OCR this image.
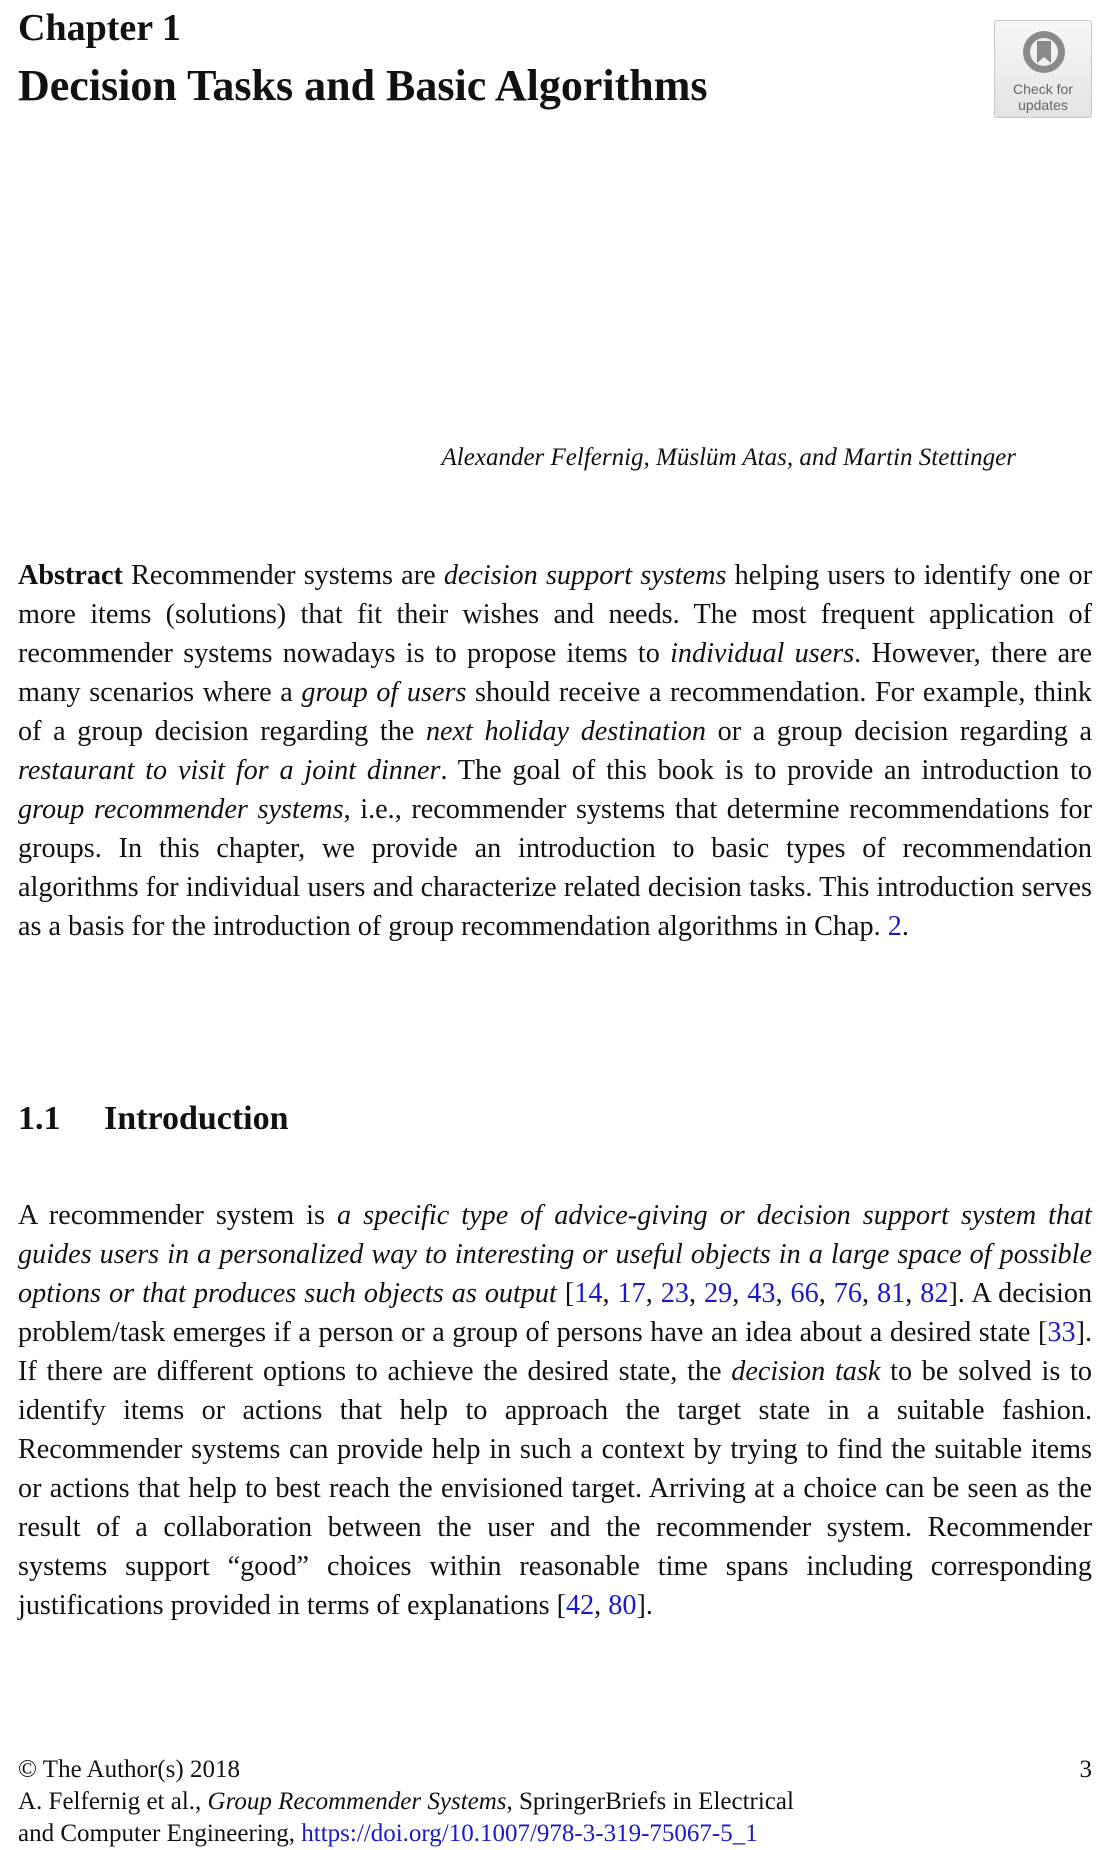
Chapter 1
Decision Tasks and Basic Algorithms	Check for
updates
Alexander Felfernig, Müslüm Atas, and Martin Stettinger

Abstract Recommender systems are decision support systems helping users to identify one or more items (solutions) that fit their wishes and needs. The most frequent application of recommender systems nowadays is to propose items to individual users. However, there are many scenarios where a group of users should receive a recommendation. For example, think of a group decision regarding the next holiday destination or a group decision regarding a restaurant to visit for a joint dinner. The goal of this book is to provide an introduction to group recommender systems, i.e., recommender systems that determine recommendations for groups. In this chapter, we provide an introduction to basic types of recommendation algorithms for individual users and characterize related decision tasks. This introduction serves as a basis for the introduction of group recommendation algorithms in Chap. 2.

1.1 Introduction

A recommender system is a specific type of advice-giving or decision support system that guides users in a personalized way to interesting or useful objects in a large space of possible options or that produces such objects as output [14, 17, 23, 29, 43, 66, 76, 81, 82]. A decision problem/task emerges if a person or a group of persons have an idea about a desired state [33]. If there are different options to achieve the desired state, the decision task to be solved is to identify items or actions that help to approach the target state in a suitable fashion. Recommender systems can provide help in such a context by trying to find the suitable items or actions that help to best reach the envisioned target. Arriving at a choice can be seen as the result of a collaboration between the user and the recommender system. Recommender systems support “good” choices within reasonable time spans including corresponding justifications provided in terms of explanations [42, 80].

© The Author(s) 2018
A. Felfernig et al., Group Recommender Systems, SpringerBriefs in Electrical
and Computer Engineering, https://doi.org/10.1007/978-3-319-75067-5_1
3
